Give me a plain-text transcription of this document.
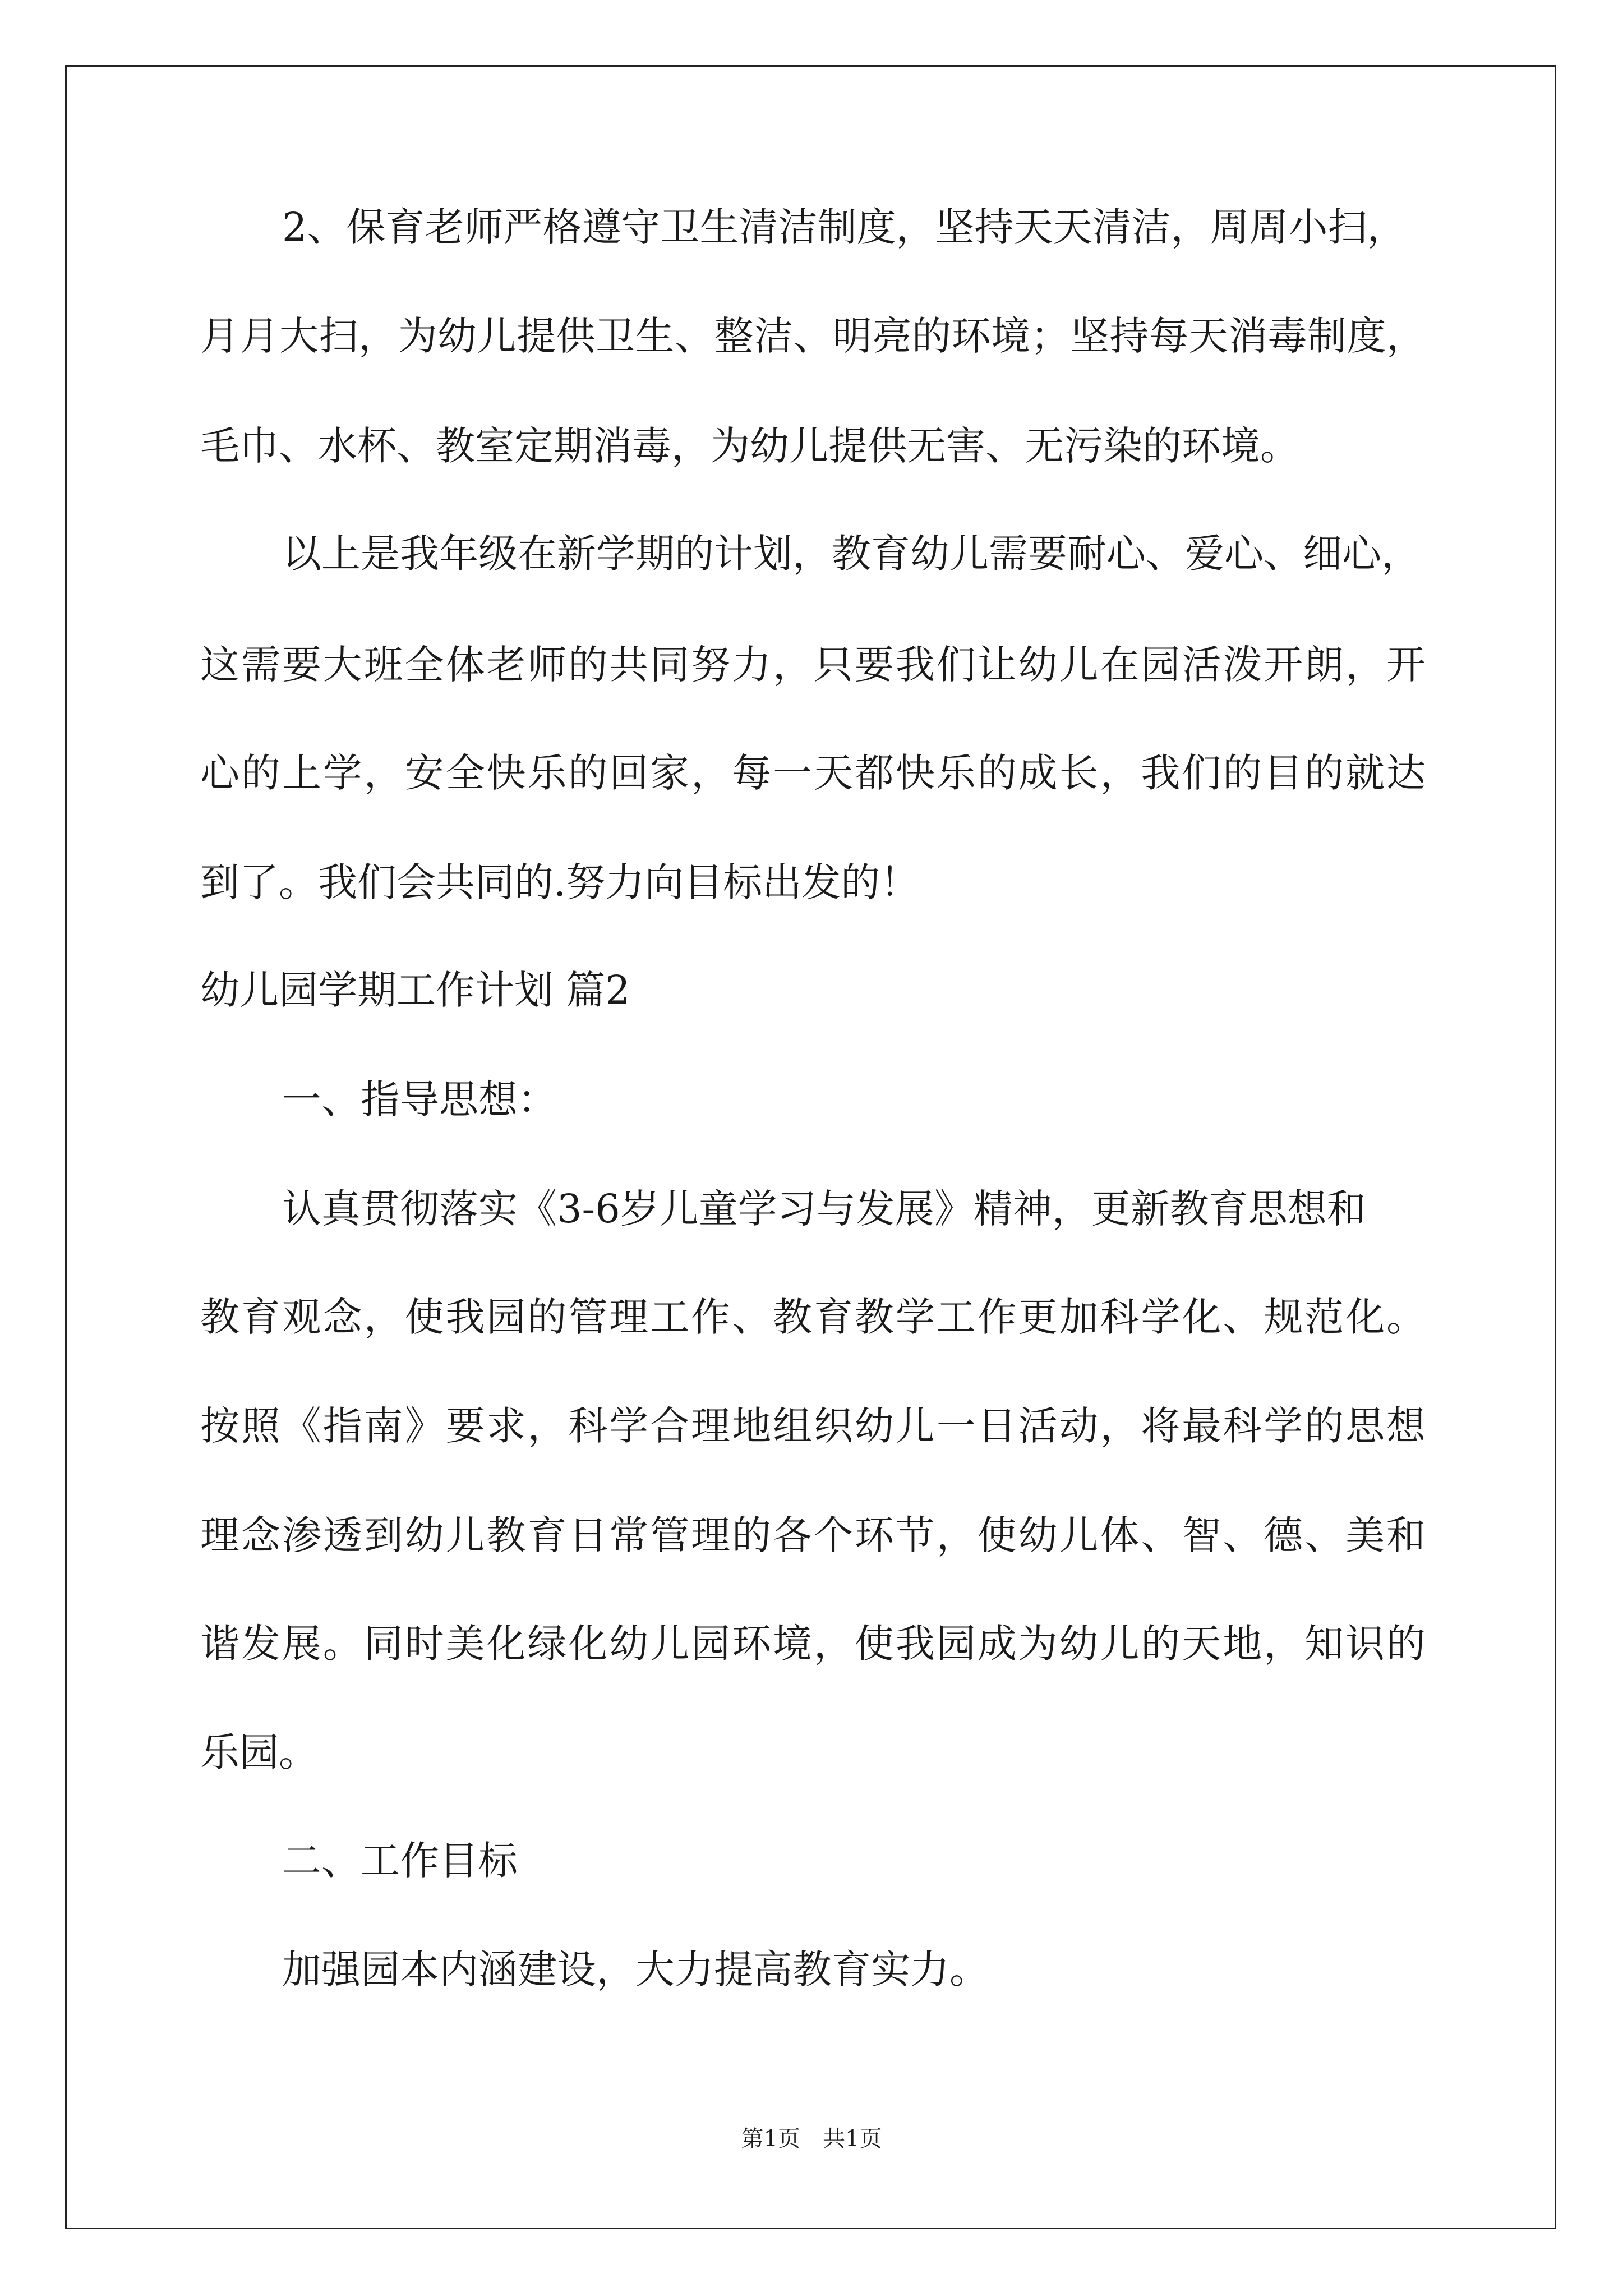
2、保育老师严格遵守卫生清洁制度，坚持天天清洁，周周小扫，
月月大扫，为幼儿提供卫生、整洁、明亮的环境；坚持每天消毒制度，
毛巾、水杯、教室定期消毒，为幼儿提供无害、无污染的环境。
以上是我年级在新学期的计划，教育幼儿需要耐心、爱心、细心，
这需要大班全体老师的共同努力，只要我们让幼儿在园活泼开朗，开
心的上学，安全快乐的回家，每一天都快乐的成长，我们的目的就达
到了。我们会共同的.努力向目标出发的！
幼儿园学期工作计划 篇2
一、指导思想：
认真贯彻落实《3-6岁儿童学习与发展》精神，更新教育思想和
教育观念，使我园的管理工作、教育教学工作更加科学化、规范化。
按照《指南》要求，科学合理地组织幼儿一日活动，将最科学的思想
理念渗透到幼儿教育日常管理的各个环节，使幼儿体、智、德、美和
谐发展。同时美化绿化幼儿园环境，使我园成为幼儿的天地，知识的
乐园。
二、工作目标
加强园本内涵建设，大力提高教育实力。
第1页　共1页
